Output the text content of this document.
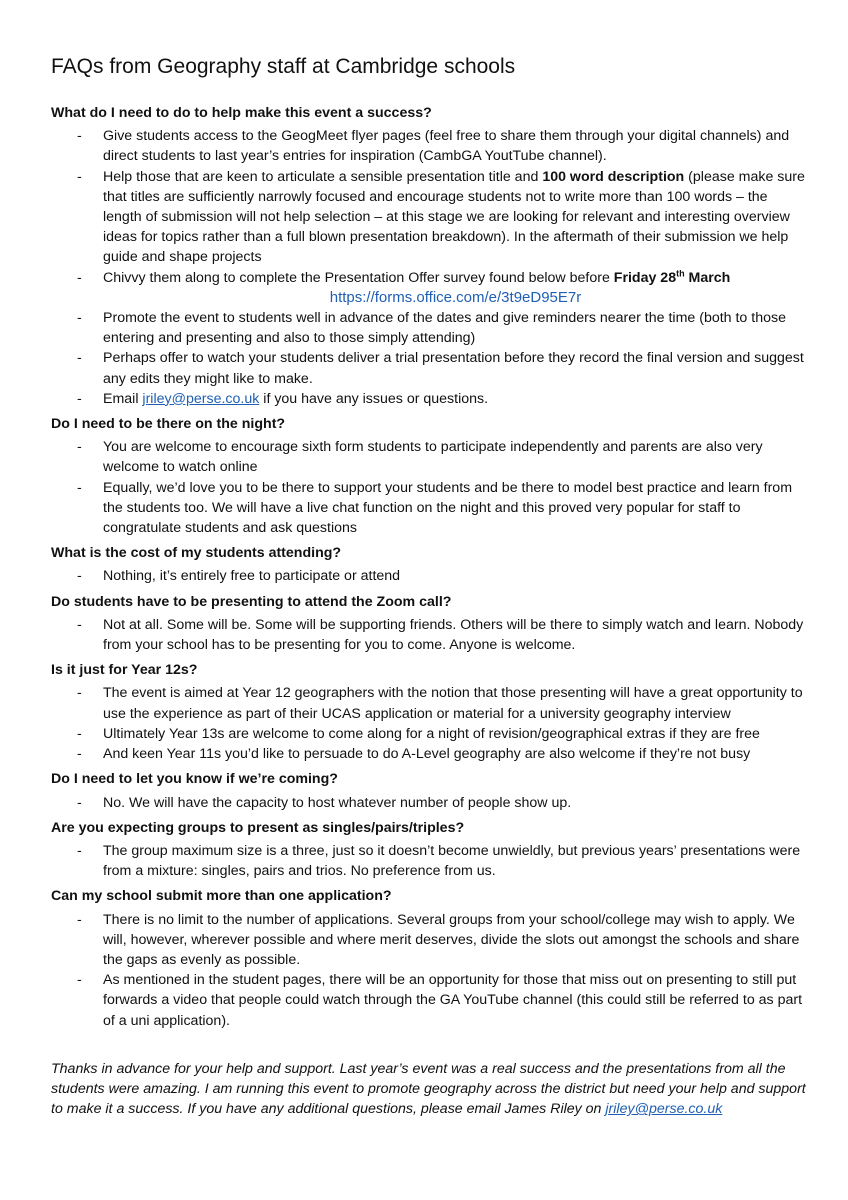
FAQs from Geography staff at Cambridge schools
What do I need to do to help make this event a success?
- Give students access to the GeogMeet flyer pages (feel free to share them through your digital channels) and direct students to last year’s entries for inspiration (CambGA YoutTube channel).
- Help those that are keen to articulate a sensible presentation title and 100 word description (please make sure that titles are sufficiently narrowly focused and encourage students not to write more than 100 words – the length of submission will not help selection – at this stage we are looking for relevant and interesting overview ideas for topics rather than a full blown presentation breakdown). In the aftermath of their submission we help guide and shape projects
- Chivvy them along to complete the Presentation Offer survey found below before Friday 28th March
https://forms.office.com/e/3t9eD95E7r
- Promote the event to students well in advance of the dates and give reminders nearer the time (both to those entering and presenting and also to those simply attending)
- Perhaps offer to watch your students deliver a trial presentation before they record the final version and suggest any edits they might like to make.
- Email jriley@perse.co.uk if you have any issues or questions.
Do I need to be there on the night?
- You are welcome to encourage sixth form students to participate independently and parents are also very welcome to watch online
- Equally, we’d love you to be there to support your students and be there to model best practice and learn from the students too. We will have a live chat function on the night and this proved very popular for staff to congratulate students and ask questions
What is the cost of my students attending?
- Nothing, it’s entirely free to participate or attend
Do students have to be presenting to attend the Zoom call?
- Not at all. Some will be. Some will be supporting friends. Others will be there to simply watch and learn. Nobody from your school has to be presenting for you to come. Anyone is welcome.
Is it just for Year 12s?
- The event is aimed at Year 12 geographers with the notion that those presenting will have a great opportunity to use the experience as part of their UCAS application or material for a university geography interview
- Ultimately Year 13s are welcome to come along for a night of revision/geographical extras if they are free
- And keen Year 11s you’d like to persuade to do A-Level geography are also welcome if they’re not busy
Do I need to let you know if we’re coming?
- No. We will have the capacity to host whatever number of people show up.
Are you expecting groups to present as singles/pairs/triples?
- The group maximum size is a three, just so it doesn’t become unwieldly, but previous years’ presentations were from a mixture: singles, pairs and trios. No preference from us.
Can my school submit more than one application?
- There is no limit to the number of applications. Several groups from your school/college may wish to apply. We will, however, wherever possible and where merit deserves, divide the slots out amongst the schools and share the gaps as evenly as possible.
- As mentioned in the student pages, there will be an opportunity for those that miss out on presenting to still put forwards a video that people could watch through the GA YouTube channel (this could still be referred to as part of a uni application).

Thanks in advance for your help and support. Last year’s event was a real success and the presentations from all the students were amazing. I am running this event to promote geography across the district but need your help and support to make it a success. If you have any additional questions, please email James Riley on jriley@perse.co.uk
